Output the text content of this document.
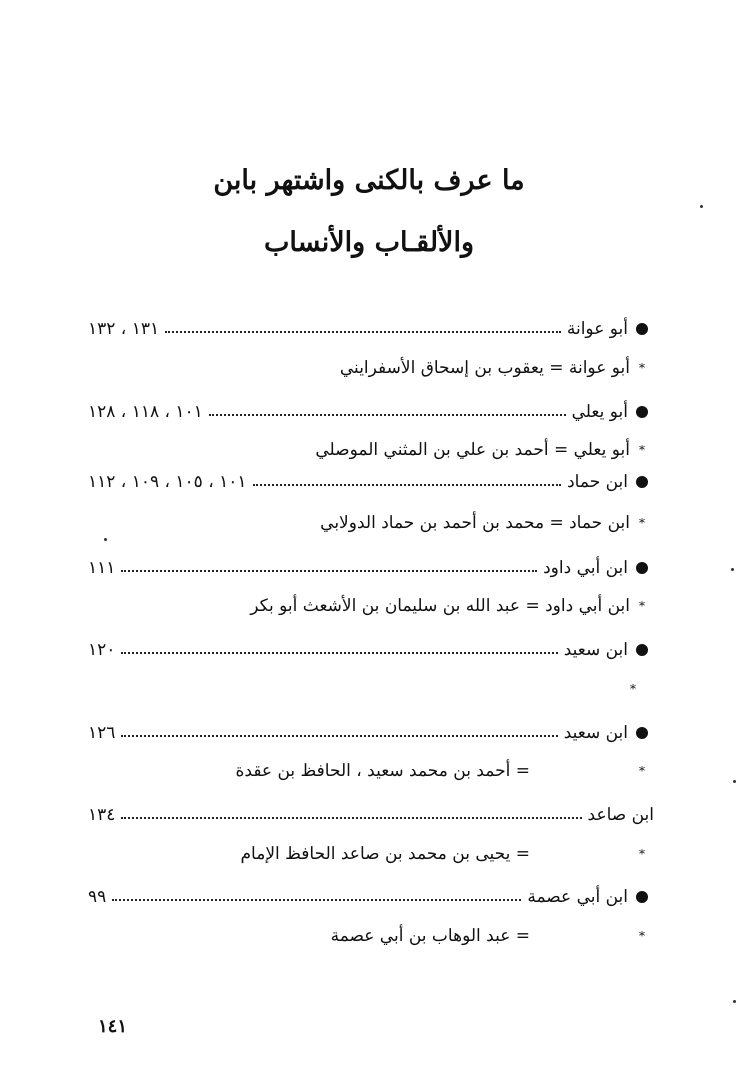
ما عرف بالكنى واشتهر بابن
والألقـاب والأنساب
أبو عوانة
١٣١ ، ١٣٢
*
أبو عوانة = يعقوب بن إسحاق الأسفرايني
أبو يعلي
١٠١ ، ١١٨ ، ١٢٨
*
أبو يعلي = أحمد بن علي بن المثني الموصلي
ابن حماد
١٠١ ، ١٠٥ ، ١٠٩ ، ١١٢
*
ابن حماد = محمد بن أحمد بن حماد الدولابي
ابن أبي داود
١١١
*
ابن أبي داود = عبد الله بن سليمان بن الأشعث أبو بكر
ابن سعيد
١٢٠
*
ابن سعيد
١٢٦
*
= أحمد بن محمد سعيد ، الحافظ بن عقدة
ابن صاعد
١٣٤
*
= يحيى بن محمد بن صاعد الحافظ الإمام
ابن أبي عصمة
٩٩
*
= عبد الوهاب بن أبي عصمة
١٤١
